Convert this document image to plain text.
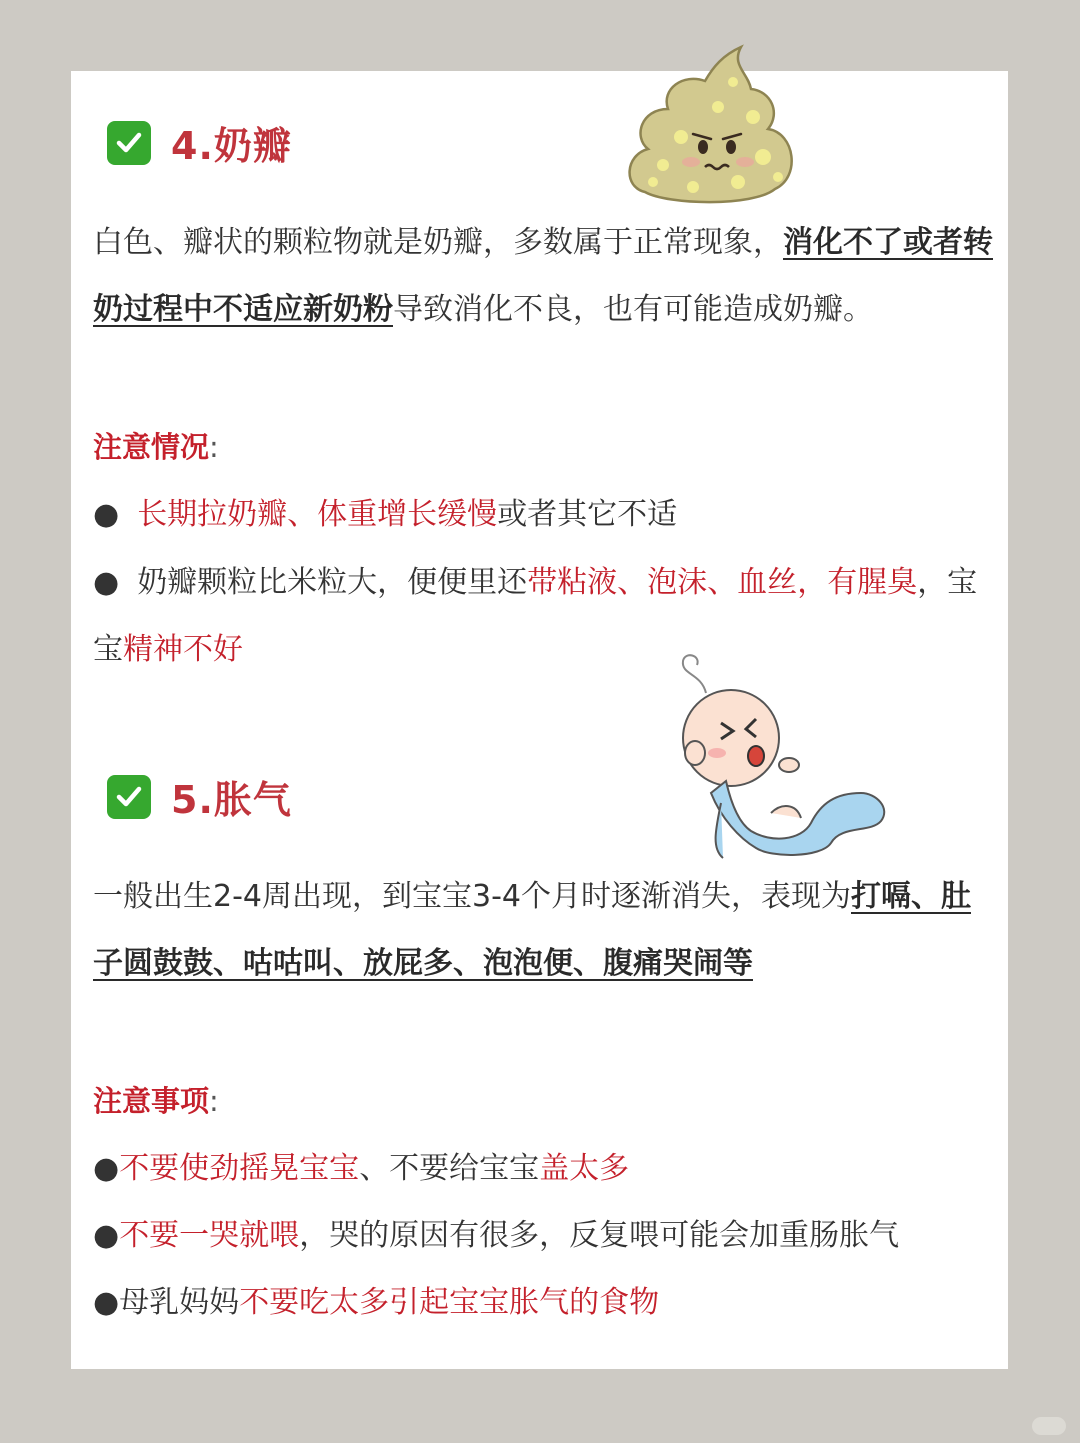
4.奶瓣
白色、瓣状的颗粒物就是奶瓣，多数属于正常现象，消化不了或者转奶过程中不适应新奶粉导致消化不良，也有可能造成奶瓣。
注意情况:
● 长期拉奶瓣、体重增长缓慢或者其它不适
● 奶瓣颗粒比米粒大，便便里还带粘液、泡沫、血丝，有腥臭，宝宝精神不好
5.胀气
一般出生2-4周出现，到宝宝3-4个月时逐渐消失，表现为打嗝、肚子圆鼓鼓、咕咕叫、放屁多、泡泡便、腹痛哭闹等
注意事项:
●不要使劲摇晃宝宝、不要给宝宝盖太多
●不要一哭就喂，哭的原因有很多，反复喂可能会加重肠胀气
●母乳妈妈不要吃太多引起宝宝胀气的食物
